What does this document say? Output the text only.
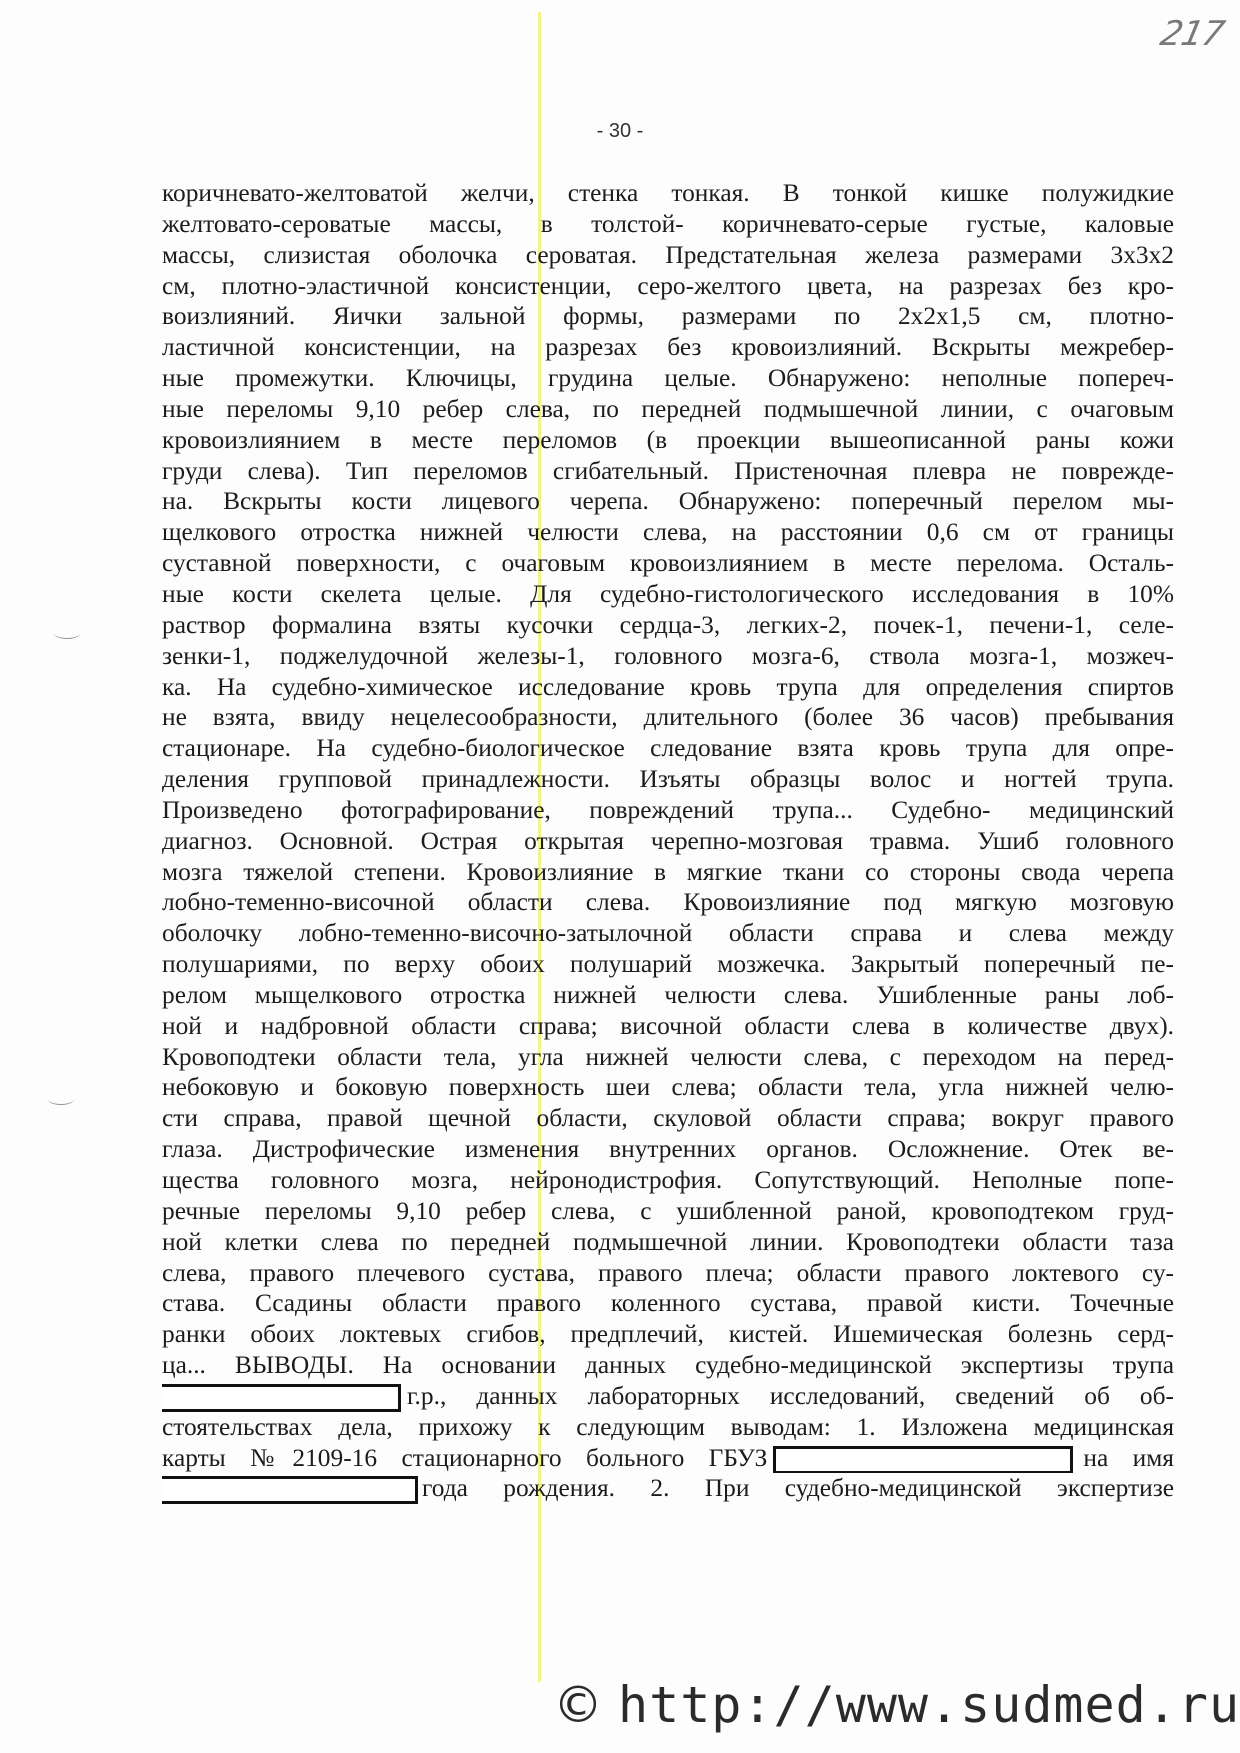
217
- 30 -
коричневато-желтоватой желчи, стенка тонкая. В тонкой кишке полужидкие
желтовато-сероватые массы, в толстой- коричневато-серые густые, каловые
массы, слизистая оболочка сероватая. Предстательная железа размерами 3х3х2
см, плотно-эластичной консистенции, серо-желтого цвета, на разрезах без кро-
воизлияний. Яички зальной формы, размерами по 2х2х1,5 см, плотно-
ластичной консистенции, на разрезах без кровоизлияний. Вскрыты межребер-
ные промежутки. Ключицы, грудина целые. Обнаружено: неполные попереч-
ные переломы 9,10 ребер слева, по передней подмышечной линии, с очаговым
кровоизлиянием в месте переломов (в проекции вышеописанной раны кожи
груди слева). Тип переломов сгибательный. Пристеночная плевра не поврежде-
на. Вскрыты кости лицевого черепа. Обнаружено: поперечный перелом мы-
щелкового отростка нижней челюсти слева, на расстоянии 0,6 см от границы
суставной поверхности, с очаговым кровоизлиянием в месте перелома. Осталь-
ные кости скелета целые. Для судебно-гистологического исследования в 10%
раствор формалина взяты кусочки сердца-3, легких-2, почек-1, печени-1, селе-
зенки-1, поджелудочной железы-1, головного мозга-6, ствола мозга-1, мозжеч-
ка. На судебно-химическое исследование кровь трупа для определения спиртов
не взята, ввиду нецелесообразности, длительного (более 36 часов) пребывания
стационаре. На судебно-биологическое следование взята кровь трупа для опре-
деления групповой принадлежности. Изъяты образцы волос и ногтей трупа.
Произведено фотографирование, повреждений трупа... Судебно- медицинский
диагноз. Основной. Острая открытая черепно-мозговая травма. Ушиб головного
мозга тяжелой степени. Кровоизлияние в мягкие ткани со стороны свода черепа
лобно-теменно-височной области слева. Кровоизлияние под мягкую мозговую
оболочку лобно-теменно-височно-затылочной области справа и слева между
полушариями, по верху обоих полушарий мозжечка. Закрытый поперечный пе-
релом мыщелкового отростка нижней челюсти слева. Ушибленные раны лоб-
ной и надбровной области справа; височной области слева в количестве двух).
Кровоподтеки области тела, угла нижней челюсти слева, с переходом на перед-
небоковую и боковую поверхность шеи слева; области тела, угла нижней челю-
сти справа, правой щечной области, скуловой области справа; вокруг правого
глаза. Дистрофические изменения внутренних органов. Осложнение. Отек ве-
щества головного мозга, нейронодистрофия. Сопутствующий. Неполные попе-
речные переломы 9,10 ребер слева, с ушибленной раной, кровоподтеком груд-
ной клетки слева по передней подмышечной линии. Кровоподтеки области таза
слева, правого плечевого сустава, правого плеча; области правого локтевого су-
става. Ссадины области правого коленного сустава, правой кисти. Точечные
ранки обоих локтевых сгибов, предплечий, кистей. Ишемическая болезнь серд-
ца... ВЫВОДЫ. На основании данных судебно-медицинской экспертизы трупа
г.р., данных лабораторных исследований, сведений об об-
стоятельствах дела, прихожу к следующим выводам: 1. Изложена медицинская
карты №2109-16 стационарного больного ГБУЗ	на имя
года рождения. 2. При судебно-медицинской экспертизе
© http://www.sudmed.ru
